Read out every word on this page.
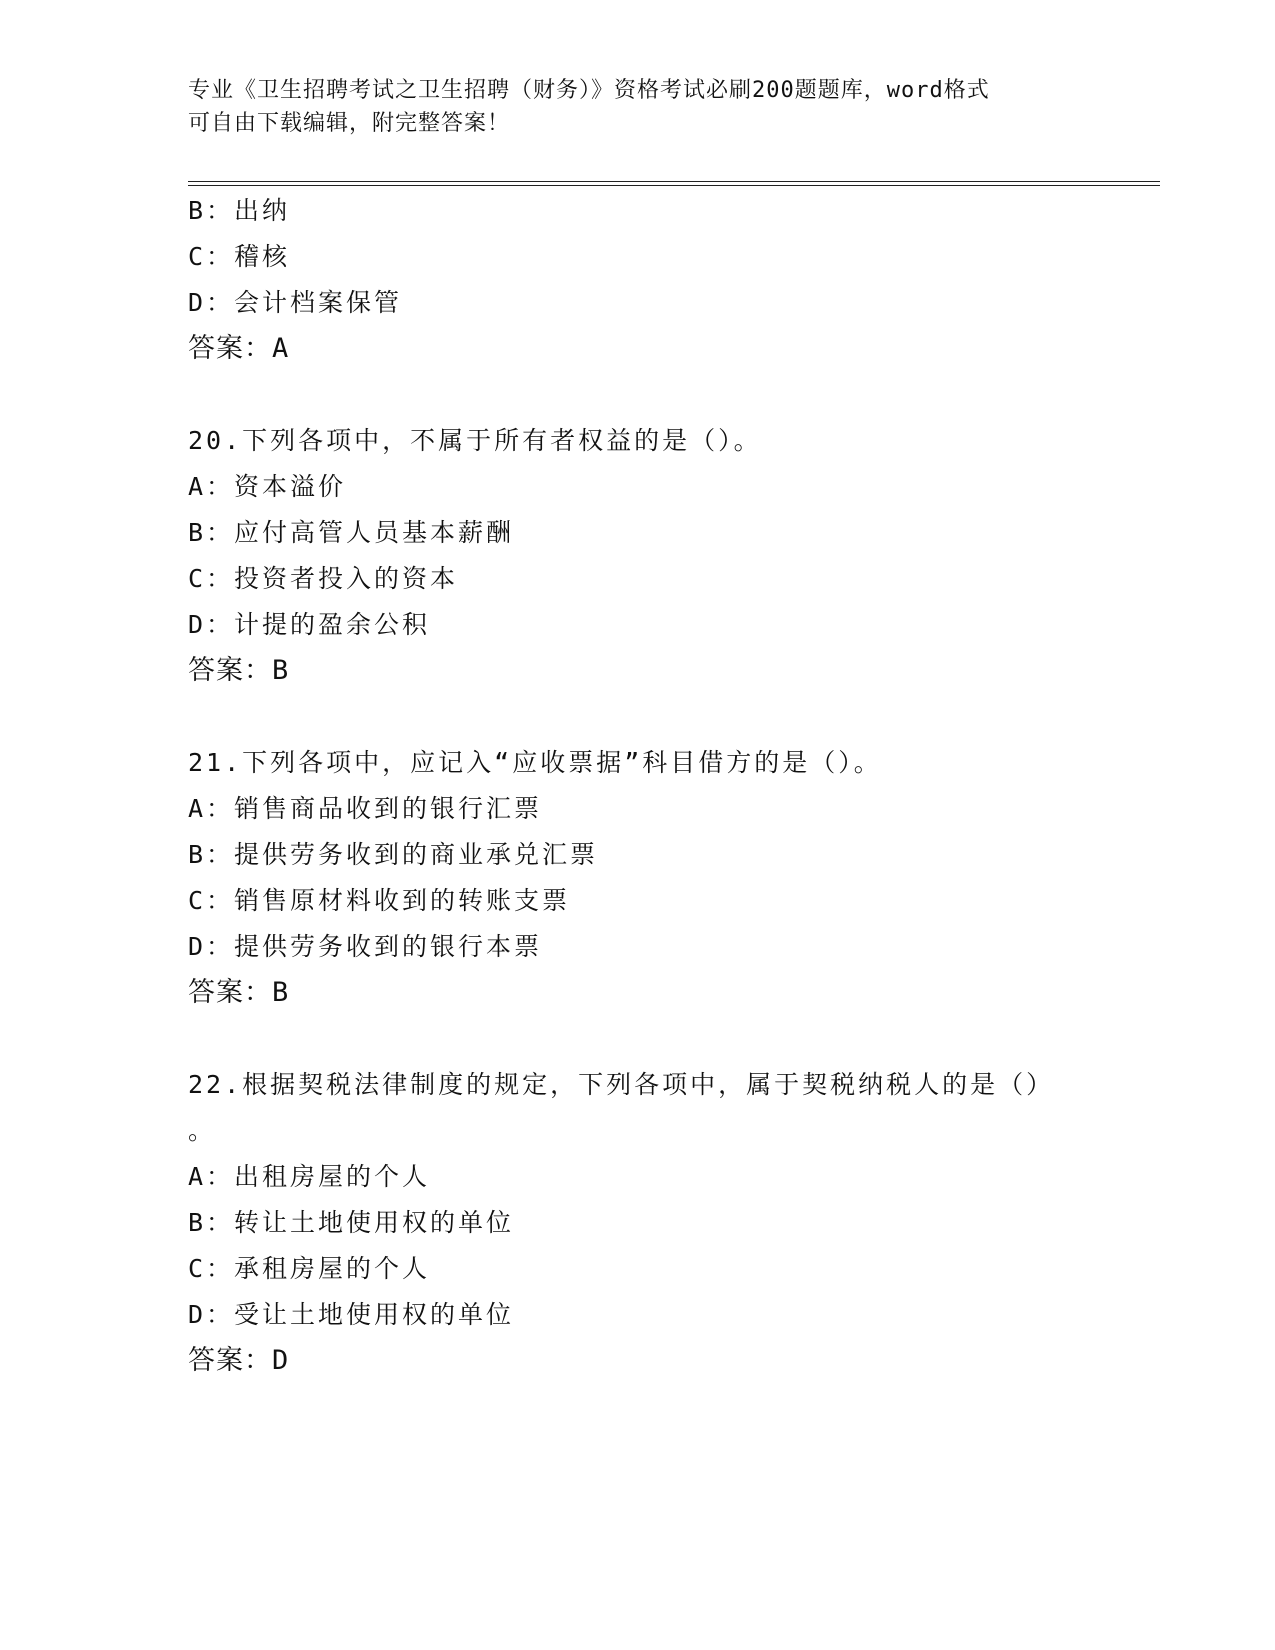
专业《卫生招聘考试之卫生招聘（财务）》资格考试必刷200题题库，word格式
可自由下载编辑，附完整答案！
B：出纳
C：稽核
D：会计档案保管
答案：A
20.下列各项中，不属于所有者权益的是（）。
A：资本溢价
B：应付高管人员基本薪酬
C：投资者投入的资本
D：计提的盈余公积
答案：B
21.下列各项中，应记入“应收票据”科目借方的是（）。
A：销售商品收到的银行汇票
B：提供劳务收到的商业承兑汇票
C：销售原材料收到的转账支票
D：提供劳务收到的银行本票
答案：B
22.根据契税法律制度的规定，下列各项中，属于契税纳税人的是（）
。
A：出租房屋的个人
B：转让土地使用权的单位
C：承租房屋的个人
D：受让土地使用权的单位
答案：D
